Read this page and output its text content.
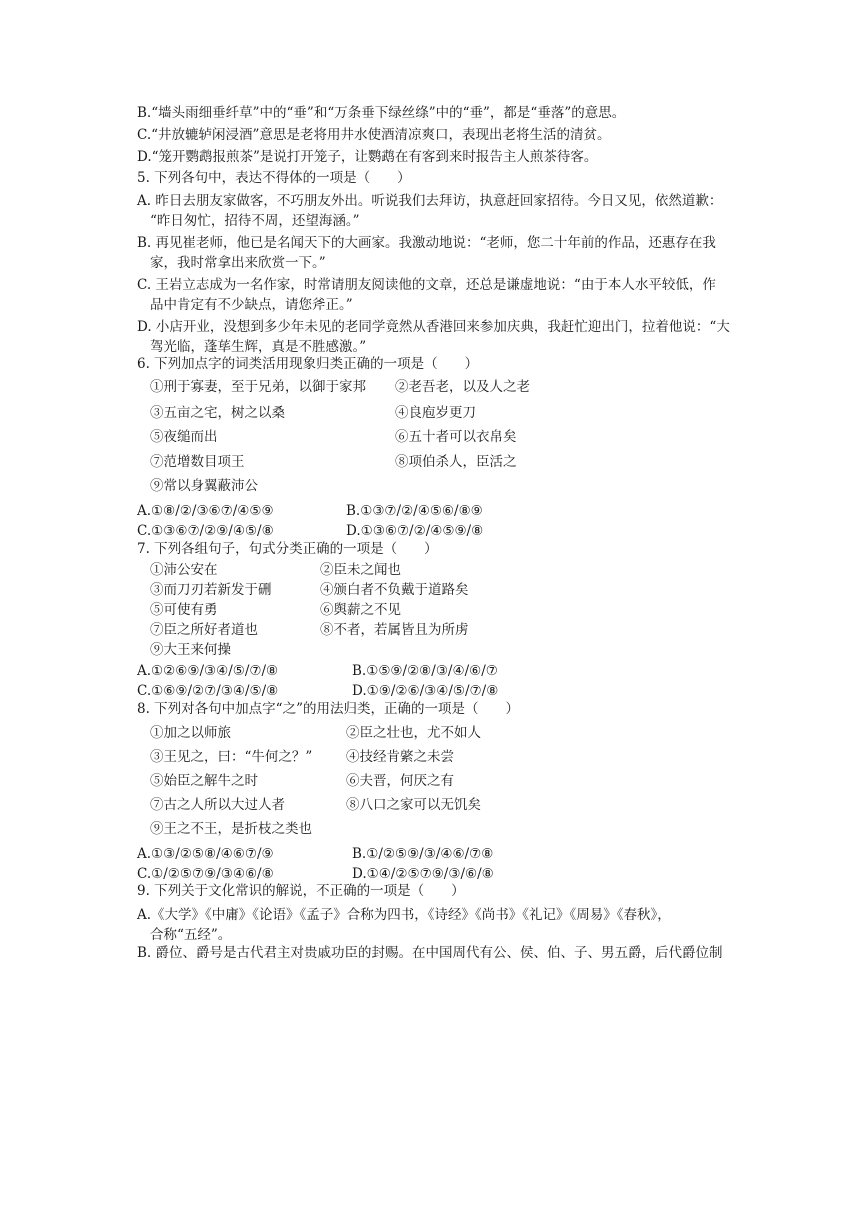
B.“墙头雨细垂纤草”中的“垂”和“万条垂下绿丝绦”中的“垂”，都是“垂落”的意思。
C.“井放辘轳闲浸酒”意思是老将用井水使酒清凉爽口，表现出老将生活的清贫。
D.“笼开鹦鹉报煎茶”是说打开笼子，让鹦鹉在有客到来时报告主人煎茶待客。
5. 下列各句中，表达不得体的一项是（　　）
A. 昨日去朋友家做客，不巧朋友外出。听说我们去拜访，执意赶回家招待。今日又见，依然道歉：
“昨日匆忙，招待不周，还望海涵。”
B. 再见崔老师，他已是名闻天下的大画家。我激动地说：“老师，您二十年前的作品，还惠存在我
家，我时常拿出来欣赏一下。”
C. 王岩立志成为一名作家，时常请朋友阅读他的文章，还总是谦虚地说：“由于本人水平较低，作
品中肯定有不少缺点，请您斧正。”
D. 小店开业，没想到多少年未见的老同学竟然从香港回来参加庆典，我赶忙迎出门，拉着他说：“大
驾光临，蓬荜生辉，真是不胜感激。”
6. 下列加点字的词类活用现象归类正确的一项是（　　）
①刑于寡妻，至于兄弟，以御于家邦 ②老吾老，以及人之老
③五亩之宅，树之以桑	④良庖岁更刀
⑤夜缒而出	⑥五十者可以衣帛矣
⑦范增数目项王	⑧项伯杀人，臣活之
⑨常以身翼蔽沛公
A.①⑧/②/③⑥⑦/④⑤⑨	B.①③⑦/②/④⑤⑥/⑧⑨
C.①③⑥⑦/②⑨/④⑤/⑧	D.①③⑥⑦/②/④⑤⑨/⑧
7. 下列各组句子，句式分类正确的一项是（　　）
①沛公安在	②臣未之闻也
③而刀刃若新发于硎	④颁白者不负戴于道路矣
⑤可使有勇	⑥舆薪之不见
⑦臣之所好者道也	⑧不者，若属皆且为所虏
⑨大王来何操
A.①②⑥⑨/③④/⑤/⑦/⑧	B.①⑤⑨/②⑧/③/④/⑥/⑦
C.①⑥⑨/②⑦/③④/⑤/⑧	D.①⑨/②⑥/③④/⑤/⑦/⑧
8. 下列对各句中加点字“之”的用法归类，正确的一项是（　　）
①加之以师旅	②臣之壮也，尤不如人
③王见之，曰：“牛何之？” ④技经肯綮之未尝
⑤始臣之解牛之时	⑥夫晋，何厌之有
⑦古之人所以大过人者	⑧八口之家可以无饥矣
⑨王之不王，是折枝之类也
A.①③/②⑤⑧/④⑥⑦/⑨	B.①/②⑤⑨/③/④⑥/⑦⑧
C.①/②⑤⑦⑨/③④⑥/⑧	D.①④/②⑤⑦⑨/③/⑥/⑧
9. 下列关于文化常识的解说，不正确的一项是（　　）
A.《大学》《中庸》《论语》《孟子》合称为四书，《诗经》《尚书》《礼记》《周易》《春秋》，
合称“五经”。
B. 爵位、爵号是古代君主对贵戚功臣的封赐。在中国周代有公、侯、伯、子、男五爵，后代爵位制
